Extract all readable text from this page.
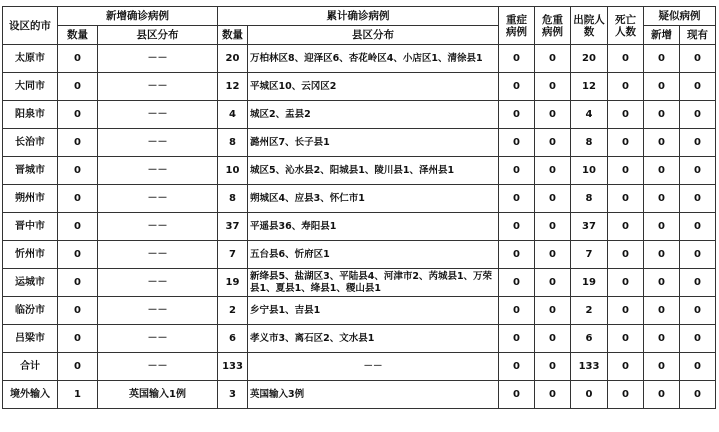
设区的市	新增确诊病例		累计确诊病例		重症病例	危重病例	出院人数	死亡人数	疑似病例	
	数量	县区分布	数量	县区分布					新增	现有
太原市	0	－－	20	万柏林区8、迎泽区6、杏花岭区4、小店区1、清徐县1	0	0	20	0	0	0
大同市	0	－－	12	平城区10、云冈区2	0	0	12	0	0	0
阳泉市	0	－－	4	城区2、盂县2	0	0	4	0	0	0
长治市	0	－－	8	潞州区7、长子县1	0	0	8	0	0	0
晋城市	0	－－	10	城区5、沁水县2、阳城县1、陵川县1、泽州县1	0	0	10	0	0	0
朔州市	0	－－	8	朔城区4、应县3、怀仁市1	0	0	8	0	0	0
晋中市	0	－－	37	平遥县36、寿阳县1	0	0	37	0	0	0
忻州市	0	－－	7	五台县6、忻府区1	0	0	7	0	0	0
运城市	0	－－	19	新绛县5、盐湖区3、平陆县4、河津市2、芮城县1、万荣县1、夏县1、绛县1、稷山县1	0	0	19	0	0	0
临汾市	0	－－	2	乡宁县1、吉县1	0	0	2	0	0	0
吕梁市	0	－－	6	孝义市3、离石区2、文水县1	0	0	6	0	0	0
合计	0	－－	133	－－	0	0	133	0	0	0
境外输入	1	英国输入1例	3	英国输入3例	0	0	0	0	0	0
